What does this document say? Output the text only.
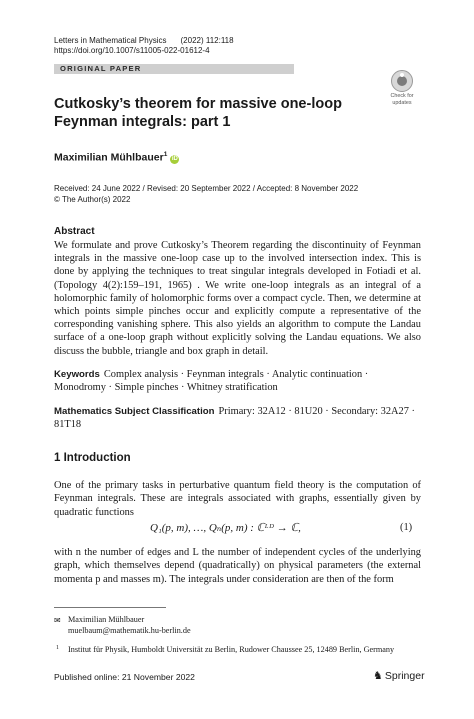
Letters in Mathematical Physics (2022) 112:118
https://doi.org/10.1007/s11005-022-01612-4
ORIGINAL PAPER
Check for
updates
Cutkosky’s theorem for massive one-loop Feynman integrals: part 1
Maximilian Mühlbauer$^1$iD
Received: 24 June 2022 / Revised: 20 September 2022 / Accepted: 8 November 2022
© The Author(s) 2022
Abstract
We formulate and prove Cutkosky’s Theorem regarding the discontinuity of Feynman integrals in the massive one-loop case up to the involved intersection index. This is done by applying the techniques to treat singular integrals developed in Fotiadi et al. (Topology 4(2):159–191, 1965) . We write one-loop integrals as an integral of a holomorphic family of holomorphic forms over a compact cycle. Then, we determine at which points simple pinches occur and explicitly compute a representative of the corresponding vanishing sphere. This also yields an algorithm to compute the Landau surface of a one-loop graph without explicitly solving the Landau equations. We also discuss the bubble, triangle and box graph in detail.
Keywords Complex analysis · Feynman integrals · Analytic continuation · Monodromy · Simple pinches · Whitney stratification
Mathematics Subject Classification Primary: 32A12 · 81U20 · Secondary: 32A27 · 81T18
1 Introduction
One of the primary tasks in perturbative quantum field theory is the computation of Feynman integrals. These are integrals associated with graphs, essentially given by quadratic functions
Q₁(p, m), …, Qₙ(p, m) : ℂᴸᴰ → ℂ,	(1)
with n the number of edges and L the number of independent cycles of the underlying graph, which themselves depend (quadratically) on physical parameters (the external momenta p and masses m). The integrals under consideration are then of the form
✉ Maximilian Mühlbauer
muelbaum@mathematik.hu-berlin.de
1 Institut für Physik, Humboldt Universität zu Berlin, Rudower Chaussee 25, 12489 Berlin, Germany
Published online: 21 November 2022	♞ Springer
